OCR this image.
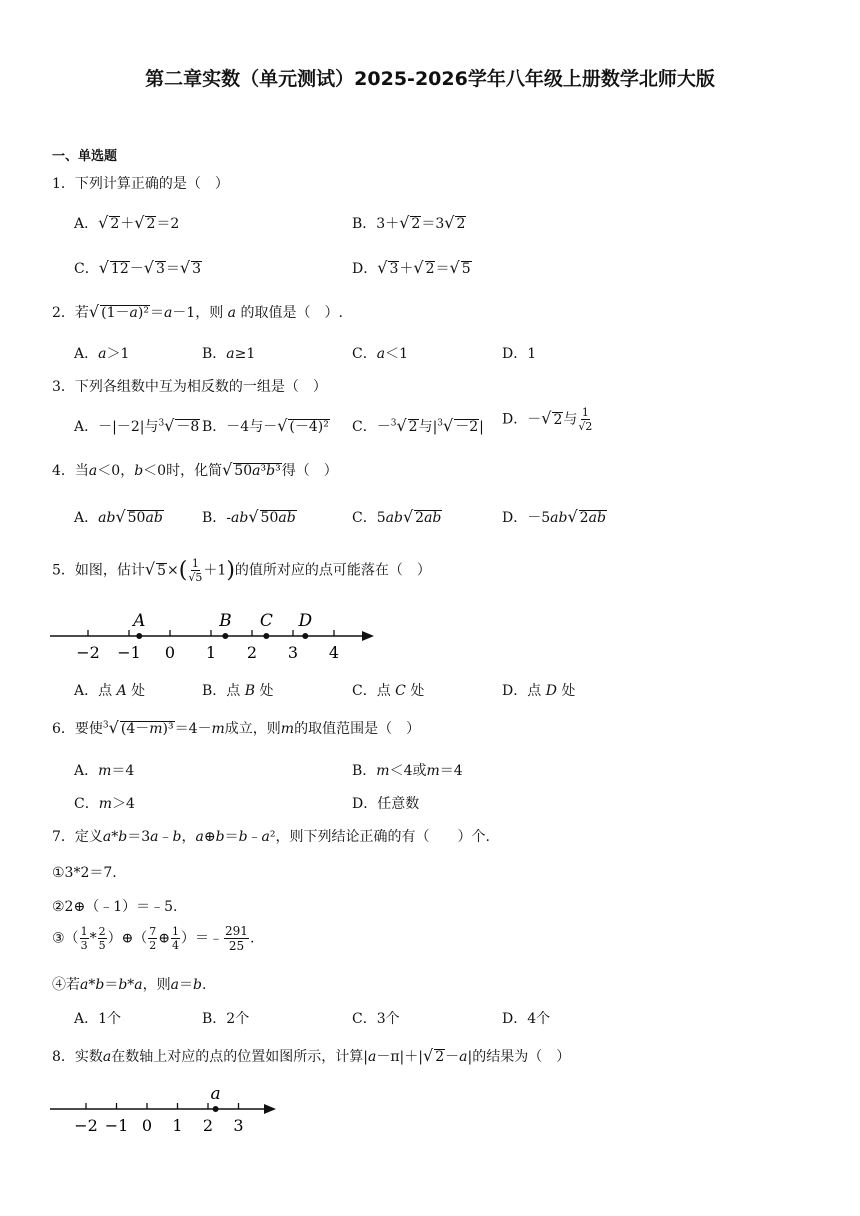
第二章实数（单元测试）2025-2026学年八年级上册数学北师大版
一、单选题
1．下列计算正确的是（　）
A．√ 2＋√ 2＝2	B．3＋√ 2＝3√ 2
C．√ 12－√ 3＝√ 3	D．√ 3＋√ 2＝√ 5
2．若√ (1－a)²＝a－1，则 a 的取值是（　）.
A．a＞1	B．a≥1	C．a＜1	D．1
3．下列各组数中互为相反数的一组是（　）
A．－|－2|与$^3$√ －8 B．－4与－√ (－4)² C．－$^3$√ 2与$|^3√ -2|$ D．－√ 2与 $\frac{1}{√2}$
4．当a＜0，b＜0时，化简√ 50a³b³得（　）
A．ab√ 50ab	B．-ab√ 50ab	C．5ab√ 2ab	D．－5ab√ 2ab
5．如图，估计√ $5\times( \frac{1}{√5} +1)$的值所对应的点可能落在（　）
−2 −1 0 1 2 3 4
A	B C D
A．点 A 处	B．点 B 处	C．点 C 处	D．点 D 处
6．要使$^3$√ (4－m)³＝4－m成立，则m的取值范围是（　）
A．m＝4	B．m＜4或m＝4
C．m＞4	D．任意数
7．定义a*b＝3a﹣b，a⊕b＝b﹣a²，则下列结论正确的有（　　）个.
①3*2＝7.
②2⊕（﹣1）＝﹣5.
③（ $\frac{1}{3} * \frac{2}{5}$ ）⊕（ $\frac{7}{2}$ ⊕ $\frac{1}{4}$ ）＝﹣ $\frac{291}{25}$ .
④若a*b＝b*a，则a＝b.
A．1个	B．2个	C．3个	D．4个
8．实数a在数轴上对应的点的位置如图所示，计算|a－π|＋|√ 2－a|的结果为（　）
−2 −1 0 1 2 3
a
